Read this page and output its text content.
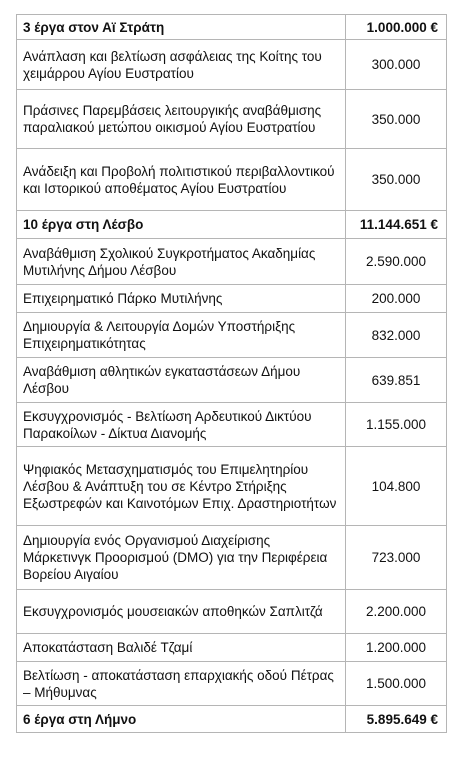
3 έργα στον Αϊ Στράτη	1.000.000 €
Ανάπλαση και βελτίωση ασφάλειας της Κοίτης του χειμάρρου Αγίου Ευστρατίου	300.000
Πράσινες Παρεμβάσεις λειτουργικής αναβάθμισης παραλιακού μετώπου οικισμού Αγίου Ευστρατίου	350.000
Ανάδειξη και Προβολή πολιτιστικού περιβαλλοντικού και Ιστορικού αποθέματος Αγίου Ευστρατίου	350.000
10 έργα στη Λέσβο	11.144.651 €
Αναβάθμιση Σχολικού Συγκροτήματος Ακαδημίας Μυτιλήνης Δήμου Λέσβου	2.590.000
Επιχειρηματικό Πάρκο Μυτιλήνης	200.000
Δημιουργία & Λειτουργία Δομών Υποστήριξης Επιχειρηματικότητας	832.000
Αναβάθμιση αθλητικών εγκαταστάσεων Δήμου Λέσβου	639.851
Εκσυγχρονισμός - Βελτίωση Αρδευτικού Δικτύου Παρακοίλων - Δίκτυα Διανομής	1.155.000
Ψηφιακός Μετασχηματισμός του Επιμελητηρίου Λέσβου & Ανάπτυξη του σε Κέντρο Στήριξης Εξωστρεφών και Καινοτόμων Επιχ. Δραστηριοτήτων	104.800
Δημιουργία ενός Οργανισμού Διαχείρισης Μάρκετινγκ Προορισμού (DMO) για την Περιφέρεια Βορείου Αιγαίου	723.000
Εκσυγχρονισμός μουσειακών αποθηκών Σαπλιτζά	2.200.000
Αποκατάσταση Βαλιδέ Τζαμί	1.200.000
Βελτίωση - αποκατάσταση επαρχιακής οδού Πέτρας – Μήθυμνας	1.500.000
6 έργα στη Λήμνο	5.895.649 €
